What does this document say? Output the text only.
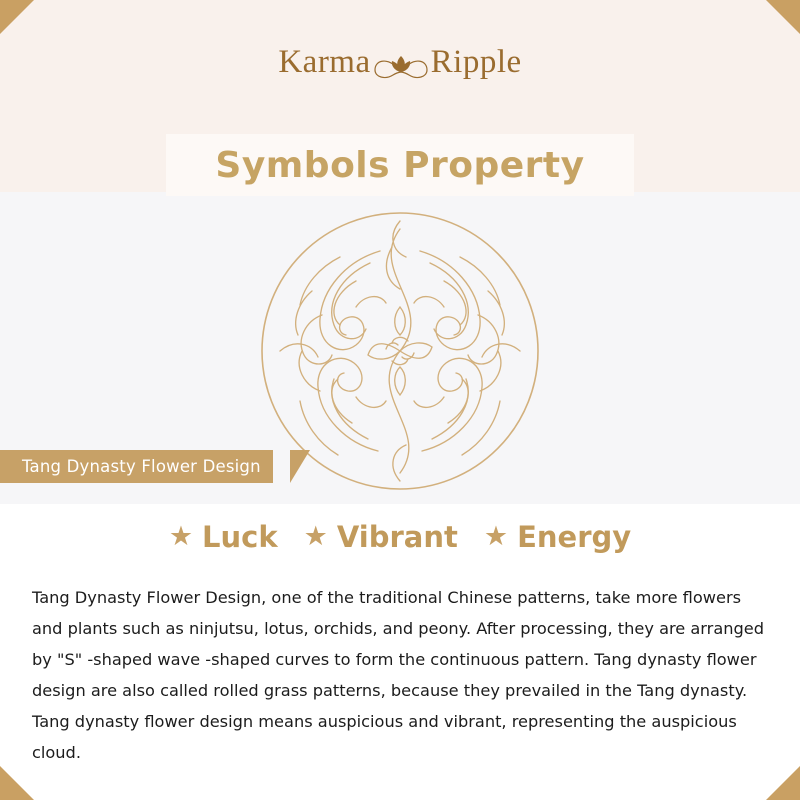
Karma Ripple
Symbols Property
Tang Dynasty Flower Design
★ Luck ★ Vibrant ★ Energy

Tang Dynasty Flower Design, one of the traditional Chinese patterns, take more flowers and plants such as ninjutsu, lotus, orchids, and peony. After processing, they are arranged by "S" -shaped wave -shaped curves to form the continuous pattern. Tang dynasty flower design are also called rolled grass patterns, because they prevailed in the Tang dynasty. Tang dynasty flower design means auspicious and vibrant, representing the auspicious cloud.
